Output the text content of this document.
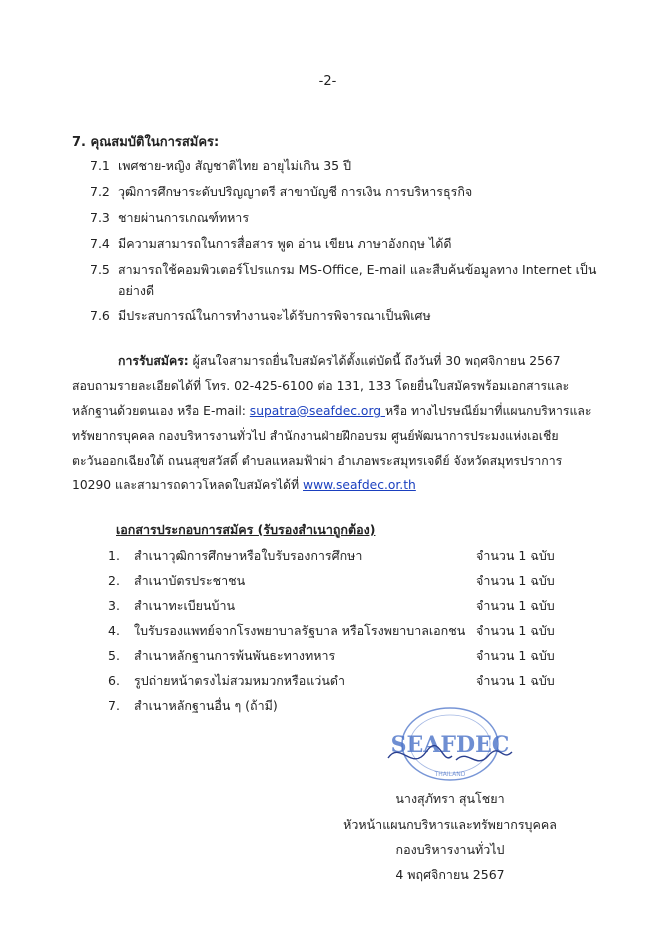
-2-
7. คุณสมบัติในการสมัคร:
7.1 เพศชาย-หญิง สัญชาติไทย อายุไม่เกิน 35 ปี
7.2 วุฒิการศึกษาระดับปริญญาตรี สาขาบัญชี การเงิน การบริหารธุรกิจ
7.3 ชายผ่านการเกณฑ์ทหาร
7.4 มีความสามารถในการสื่อสาร พูด อ่าน เขียน ภาษาอังกฤษ ได้ดี
7.5 สามารถใช้คอมพิวเตอร์โปรแกรม MS-Office, E-mail และสืบค้นข้อมูลทาง Internet เป็น
อย่างดี
7.6 มีประสบการณ์ในการทำงานจะได้รับการพิจารณาเป็นพิเศษ
การรับสมัคร: ผู้สนใจสามารถยื่นใบสมัครได้ตั้งแต่บัดนี้ ถึงวันที่ 30 พฤศจิกายน 2567
สอบถามรายละเอียดได้ที่ โทร. 02-425-6100 ต่อ 131, 133 โดยยื่นใบสมัครพร้อมเอกสารและ
หลักฐานด้วยตนเอง หรือ E-mail: supatra@seafdec.org หรือ ทางไปรษณีย์มาที่แผนกบริหารและ
ทรัพยากรบุคคล กองบริหารงานทั่วไป สำนักงานฝ่ายฝึกอบรม ศูนย์พัฒนาการประมงแห่งเอเชีย
ตะวันออกเฉียงใต้ ถนนสุขสวัสดิ์ ตำบลแหลมฟ้าผ่า อำเภอพระสมุทรเจดีย์ จังหวัดสมุทรปราการ
10290 และสามารถดาวโหลดใบสมัครได้ที่ www.seafdec.or.th
เอกสารประกอบการสมัคร (รับรองสำเนาถูกต้อง)
1. สำเนาวุฒิการศึกษาหรือใบรับรองการศึกษา	จำนวน 1 ฉบับ
2. สำเนาบัตรประชาชน	จำนวน 1 ฉบับ
3. สำเนาทะเบียนบ้าน	จำนวน 1 ฉบับ
4. ใบรับรองแพทย์จากโรงพยาบาลรัฐบาล หรือโรงพยาบาลเอกชน จำนวน 1 ฉบับ
5. สำเนาหลักฐานการพ้นพันธะทางทหาร	จำนวน 1 ฉบับ
6. รูปถ่ายหน้าตรงไม่สวมหมวกหรือแว่นดำ	จำนวน 1 ฉบับ
7. สำเนาหลักฐานอื่น ๆ (ถ้ามี)
SEAFDEC
THAILAND
นางสุภัทรา สุนโชยา
หัวหน้าแผนกบริหารและทรัพยากรบุคคล
กองบริหารงานทั่วไป
4 พฤศจิกายน 2567
